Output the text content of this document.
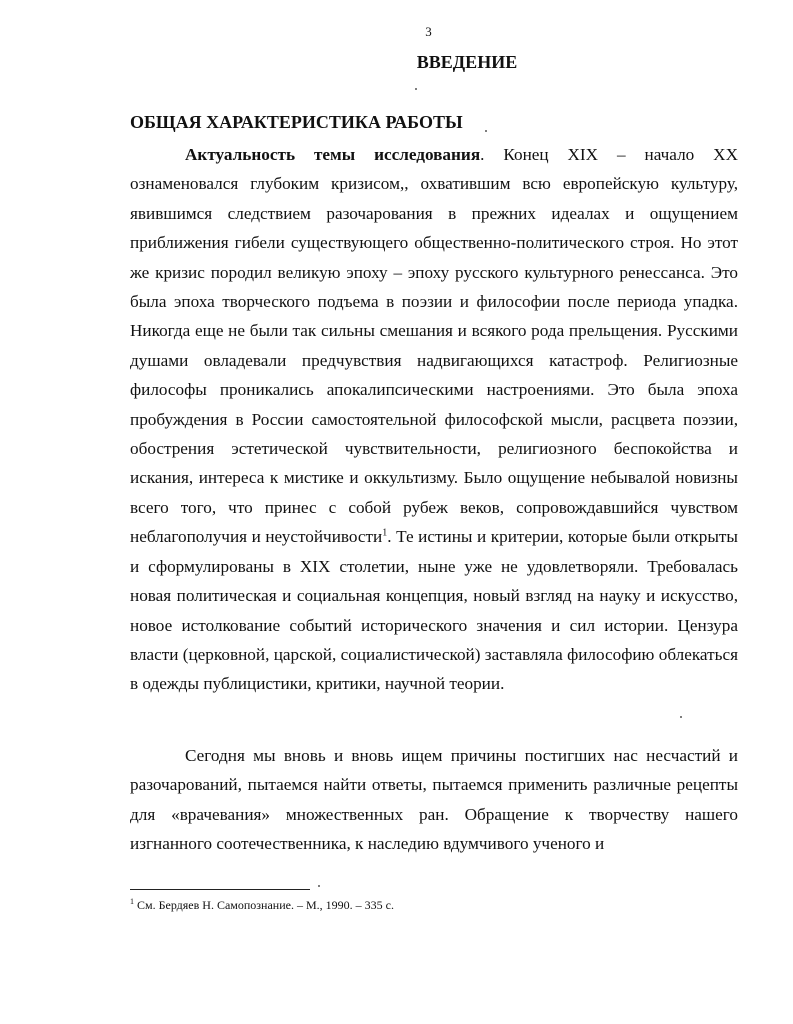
3
ВВЕДЕНИЕ
ОБЩАЯ ХАРАКТЕРИСТИКА РАБОТЫ

Актуальность темы исследования. Конец XIX – начало XX ознаменовался глубоким кризисом,, охватившим всю европейскую культуру, явившимся следствием разочарования в прежних идеалах и ощущением приближения гибели существующего общественно-политического строя. Но этот же кризис породил великую эпоху – эпоху русского культурного ренессанса. Это была эпоха творческого подъема в поэзии и философии после периода упадка. Никогда еще не были так сильны смешания и всякого рода прельщения. Русскими душами овладевали предчувствия надвигающихся катастроф. Религиозные философы проникались апокалипсическими настроениями. Это была эпоха пробуждения в России самостоятельной философской мысли, расцвета поэзии, обострения эстетической чувствительности, религиозного беспокойства и искания, интереса к мистике и оккультизму. Было ощущение небывалой новизны всего того, что принес с собой рубеж веков, сопровождавшийся чувством неблагополучия и неустойчивости$^1$. Те истины и критерии, которые были открыты и сформулированы в XIX столетии, ныне уже не удовлетворяли. Требовалась новая политическая и социальная концепция, новый взгляд на науку и искусство, новое истолкование событий исторического значения и сил истории. Цензура власти (церковной, царской, социалистической) заставляла философию облекаться в одежды публицистики, критики, научной теории.

Сегодня мы вновь и вновь ищем причины постигших нас несчастий и разочарований, пытаемся найти ответы, пытаемся применить различные рецепты для «врачевания» множественных ран. Обращение к творчеству нашего изгнанного соотечественника, к наследию вдумчивого ученого и

$^1$ См. Бердяев Н. Самопознание. – М., 1990. – 335 с.
